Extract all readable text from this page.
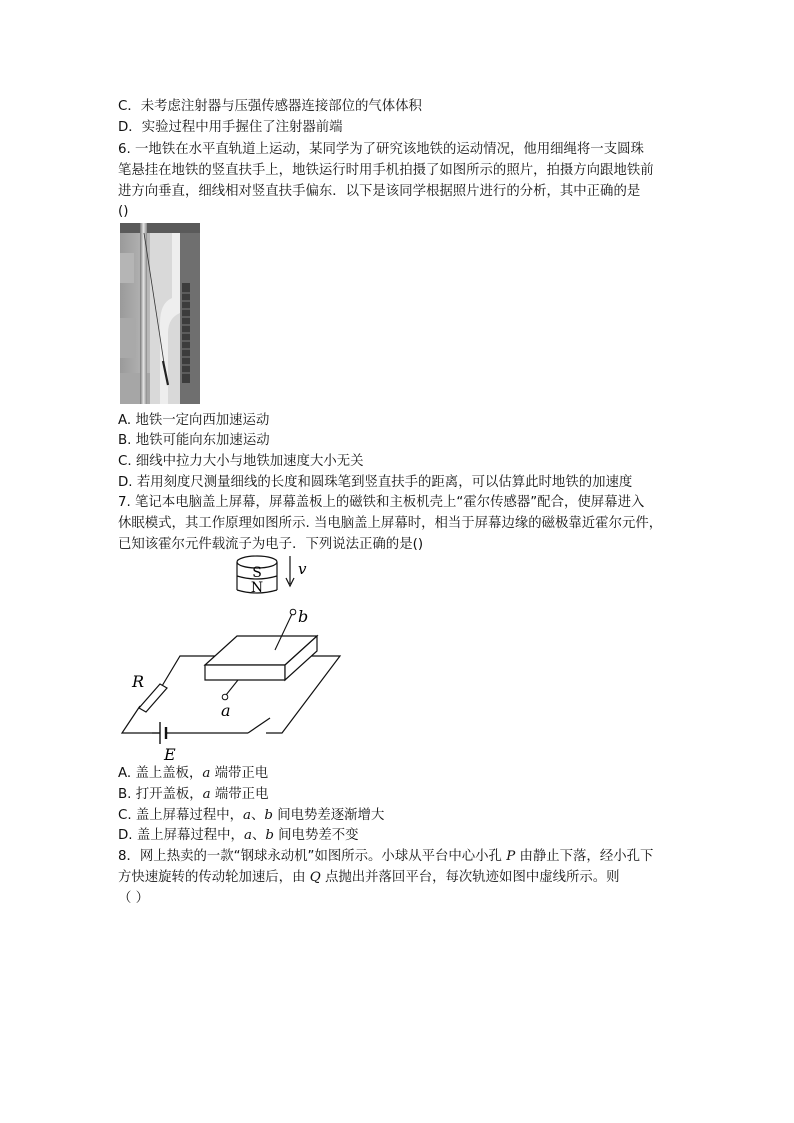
C．未考虑注射器与压强传感器连接部位的气体体积
D．实验过程中用手握住了注射器前端
6. 一地铁在水平直轨道上运动，某同学为了研究该地铁的运动情况，他用细绳将一支圆珠
笔悬挂在地铁的竖直扶手上，地铁运行时用手机拍摄了如图所示的照片，拍摄方向跟地铁前
进方向垂直，细线相对竖直扶手偏东．以下是该同学根据照片进行的分析，其中正确的是
()
A. 地铁一定向西加速运动
B. 地铁可能向东加速运动
C. 细线中拉力大小与地铁加速度大小无关
D. 若用刻度尺测量细线的长度和圆珠笔到竖直扶手的距离，可以估算此时地铁的加速度
7. 笔记本电脑盖上屏幕，屏幕盖板上的磁铁和主板机壳上“霍尔传感器”配合，使屏幕进入
休眠模式，其工作原理如图所示. 当电脑盖上屏幕时，相当于屏幕边缘的磁极靠近霍尔元件，
已知该霍尔元件载流子为电子．下列说法正确的是()
S
N
v
R
E
b
a
A. 盖上盖板，a 端带正电
B. 打开盖板，a 端带正电
C. 盖上屏幕过程中，a、b 间电势差逐渐增大
D. 盖上屏幕过程中，a、b 间电势差不变
8．网上热卖的一款“钢球永动机”如图所示。小球从平台中心小孔 P 由静止下落，经小孔下
方快速旋转的传动轮加速后，由 Q 点抛出并落回平台，每次轨迹如图中虚线所示。则
（ ）
